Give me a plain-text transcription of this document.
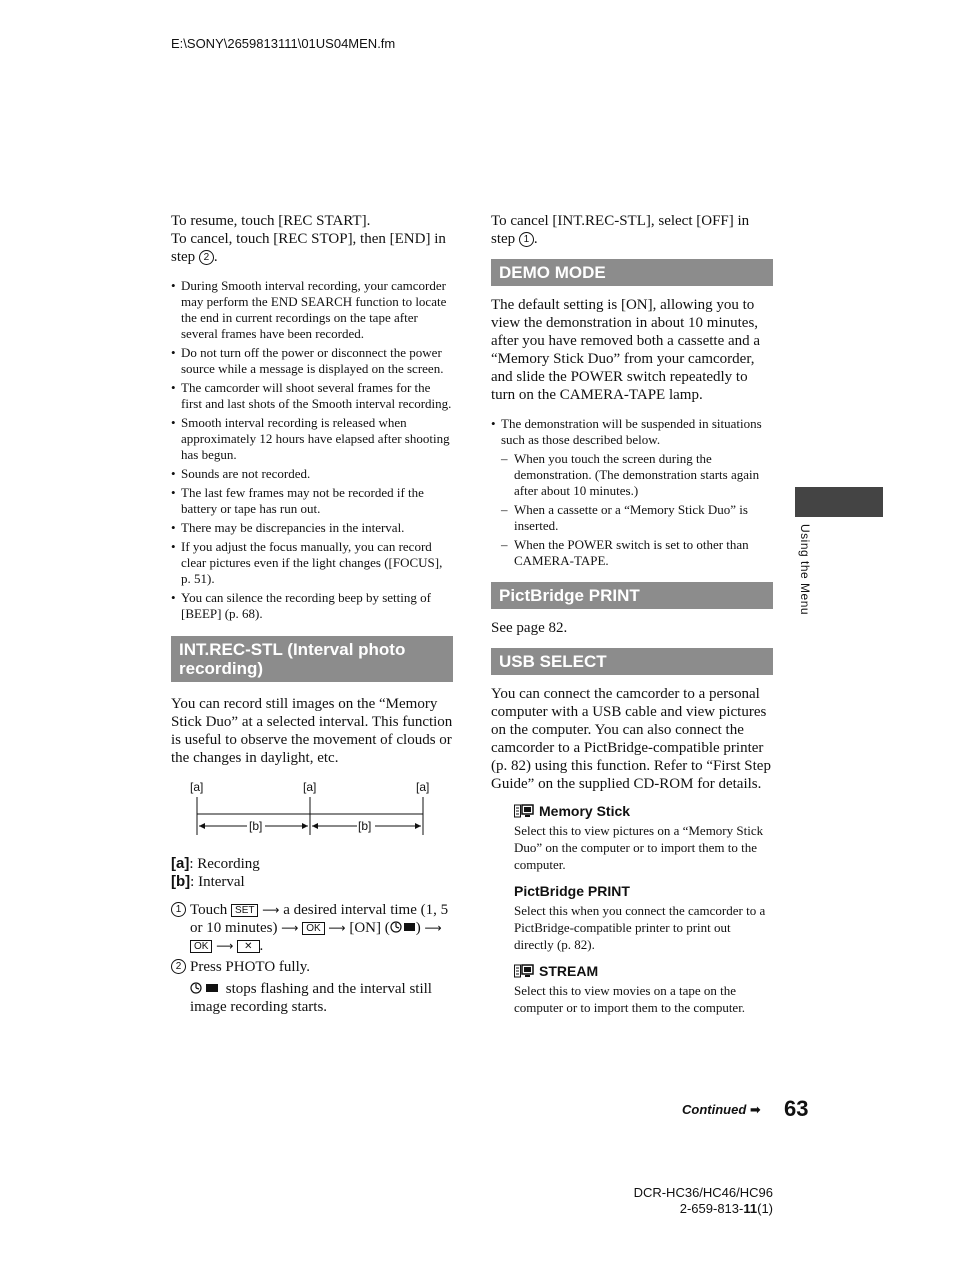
E:\SONY\2659813111\01US04MEN.fm

To resume, touch [REC START].

To cancel, touch [REC STOP], then [END] in step 2 .

• During Smooth interval recording, your camcorder may perform the END SEARCH function to locate the end in current recordings on the tape after several frames have been recorded.
• Do not turn off the power or disconnect the power source while a message is displayed on the screen.
• The camcorder will shoot several frames for the first and last shots of the Smooth interval recording.
• Smooth interval recording is released when approximately 12 hours have elapsed after shooting has begun.
• Sounds are not recorded.
• The last few frames may not be recorded if the battery or tape has run out.
• There may be discrepancies in the interval.
• If you adjust the focus manually, you can record clear pictures even if the light changes ([FOCUS], p. 51).
• You can silence the recording beep by setting of [BEEP] (p. 68).
INT.REC-STL (Interval photo recording)

You can record still images on the “Memory Stick Duo” at a selected interval. This function is useful to observe the movement of clouds or the changes in daylight, etc.

[a]	[a]	[a]
[b]	[b]

[a]: Recording

[b]: Interval

1 Touch SET ⟶ a desired interval time (1, 5 or 10 minutes) ⟶ OK ⟶ [ON] ( ) ⟶ OK ⟶ ✕ .

2 Press PHOTO fully.

stops flashing and the interval still image recording starts.

To cancel [INT.REC-STL], select [OFF] in step 1 .

DEMO MODE

The default setting is [ON], allowing you to view the demonstration in about 10 minutes, after you have removed both a cassette and a “Memory Stick Duo” from your camcorder, and slide the POWER switch repeatedly to turn on the CAMERA-TAPE lamp.

• The demonstration will be suspended in situations such as those described below.
– When you touch the screen during the demonstration. (The demonstration starts again after about 10 minutes.)
– When a cassette or a “Memory Stick Duo” is inserted.
– When the POWER switch is set to other than CAMERA-TAPE.
PictBridge PRINT

See page 82.

USB SELECT

You can connect the camcorder to a personal computer with a USB cable and view pictures on the computer. You can also connect the camcorder to a PictBridge-compatible printer (p. 82) using this function. Refer to “First Step Guide” on the supplied CD-ROM for details.

Memory Stick

Select this to view pictures on a “Memory Stick Duo” on the computer or to import them to the computer.

PictBridge PRINT

Select this when you connect the camcorder to a PictBridge-compatible printer to print out directly (p. 82).

STREAM

Select this to view movies on a tape on the computer or to import them to the computer.

Using the Menu
Continued ➡ 63
DCR-HC36/HC46/HC96
2-659-813-11(1)
